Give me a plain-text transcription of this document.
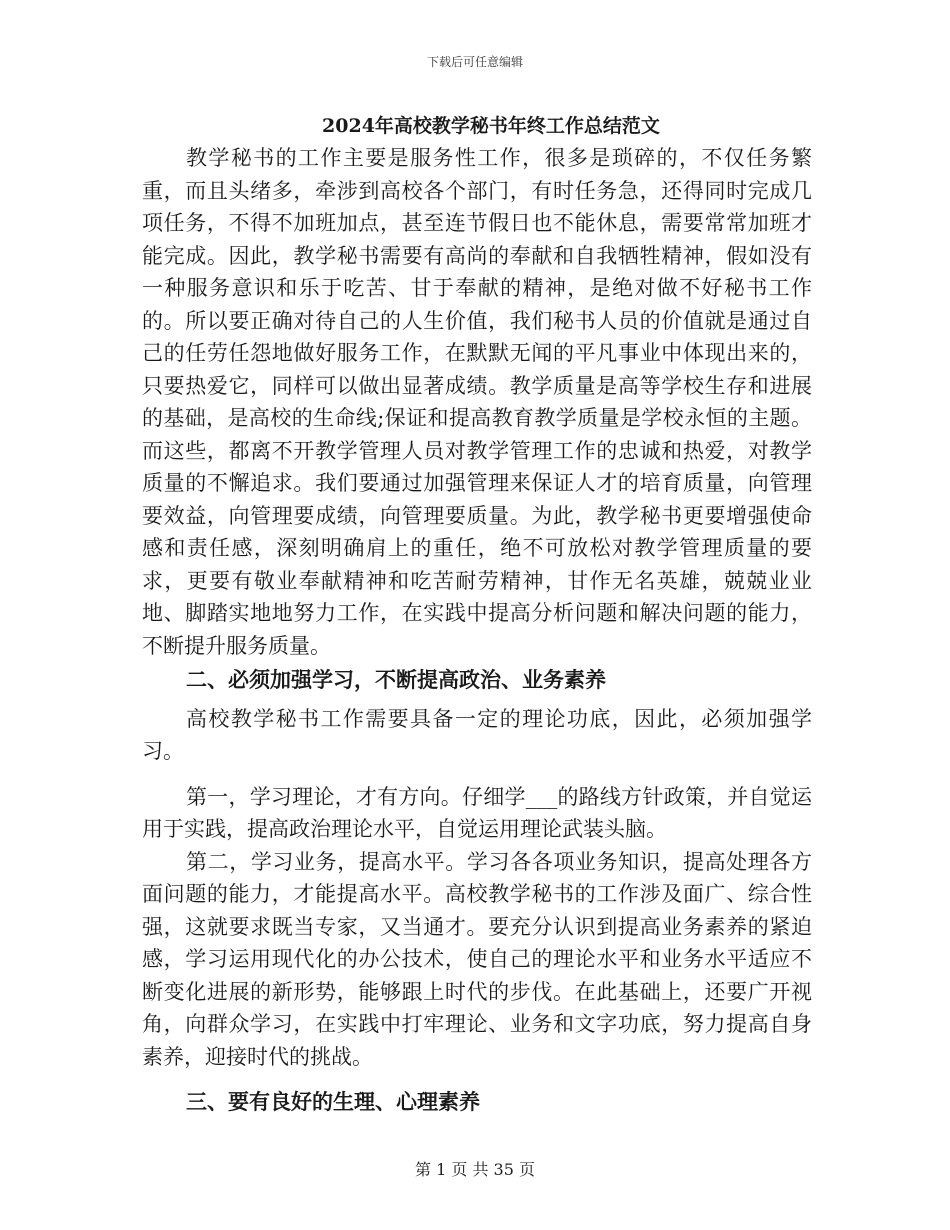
下载后可任意编辑
2024年高校教学秘书年终工作总结范文

教学秘书的工作主要是服务性工作，很多是琐碎的，不仅任务繁重，而且头绪多，牵涉到高校各个部门，有时任务急，还得同时完成几项任务，不得不加班加点，甚至连节假日也不能休息，需要常常加班才能完成。因此，教学秘书需要有高尚的奉献和自我牺牲精神，假如没有一种服务意识和乐于吃苦、甘于奉献的精神，是绝对做不好秘书工作的。所以要正确对待自己的人生价值，我们秘书人员的价值就是通过自己的任劳任怨地做好服务工作，在默默无闻的平凡事业中体现出来的，只要热爱它，同样可以做出显著成绩。教学质量是高等学校生存和进展的基础，是高校的生命线;保证和提高教育教学质量是学校永恒的主题。而这些，都离不开教学管理人员对教学管理工作的忠诚和热爱，对教学质量的不懈追求。我们要通过加强管理来保证人才的培育质量，向管理要效益，向管理要成绩，向管理要质量。为此，教学秘书更要增强使命感和责任感，深刻明确肩上的重任，绝不可放松对教学管理质量的要求，更要有敬业奉献精神和吃苦耐劳精神，甘作无名英雄，兢兢业业地、脚踏实地地努力工作，在实践中提高分析问题和解决问题的能力，不断提升服务质量。

二、必须加强学习，不断提高政治、业务素养

高校教学秘书工作需要具备一定的理论功底，因此，必须加强学习。

第一，学习理论，才有方向。仔细学___的路线方针政策，并自觉运用于实践，提高政治理论水平，自觉运用理论武装头脑。

第二，学习业务，提高水平。学习各各项业务知识，提高处理各方面问题的能力，才能提高水平。高校教学秘书的工作涉及面广、综合性强，这就要求既当专家，又当通才。要充分认识到提高业务素养的紧迫感，学习运用现代化的办公技术，使自己的理论水平和业务水平适应不断变化进展的新形势，能够跟上时代的步伐。在此基础上，还要广开视角，向群众学习，在实践中打牢理论、业务和文字功底，努力提高自身素养，迎接时代的挑战。

三、要有良好的生理、心理素养

第 1 页 共 35 页
